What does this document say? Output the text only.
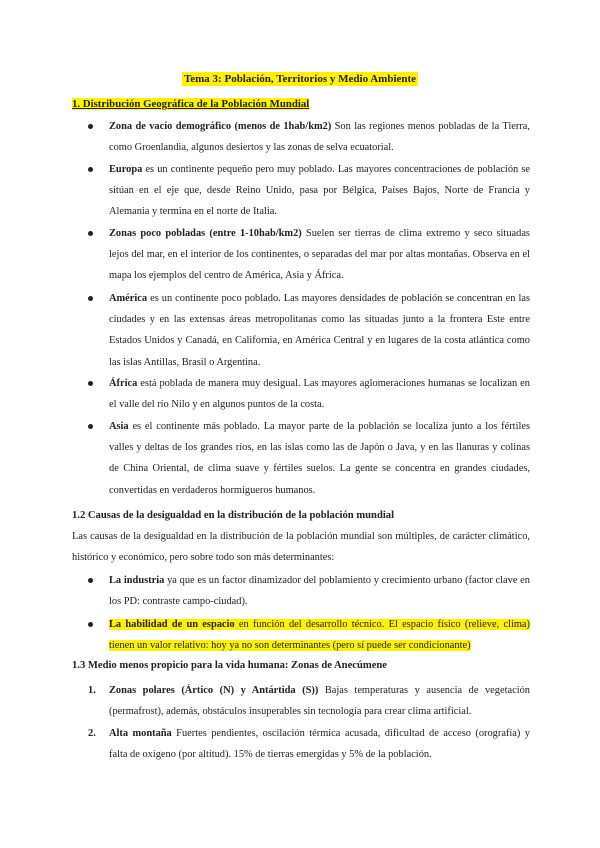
Tema 3: Población, Territorios y Medio Ambiente
1. Distribución Geográfica de la Población Mundial
Zona de vacío demográfico (menos de 1hab/km2) Son las regiones menos pobladas de la Tierra, como Groenlandia, algunos desiertos y las zonas de selva ecuatorial.
Europa es un continente pequeño pero muy poblado. Las mayores concentraciones de población se sitúan en el eje que, desde Reino Unido, pasa por Bélgica, Países Bajos, Norte de Francia y Alemania y termina en el norte de Italia.
Zonas poco pobladas (entre 1-10hab/km2) Suelen ser tierras de clima extremo y seco situadas lejos del mar, en el interior de los continentes, o separadas del mar por altas montañas. Observa en el mapa los ejemplos del centro de América, Asia y África.
América es un continente poco poblado. Las mayores densidades de población se concentran en las ciudades y en las extensas áreas metropolitanas como las situadas junto a la frontera Este entre Estados Unidos y Canadá, en California, en América Central y en lugares de la costa atlántica como las islas Antillas, Brasil o Argentina.
África está poblada de manera muy desigual. Las mayores aglomeraciones humanas se localizan en el valle del río Nilo y en algunos puntos de la costa.
Asia es el continente más poblado. La mayor parte de la población se localiza junto a los fértiles valles y deltas de los grandes ríos, en las islas como las de Japón o Java, y en las llanuras y colinas de China Oriental, de clima suave y fértiles suelos. La gente se concentra en grandes ciudades, convertidas en verdaderos hormigueros humanos.
1.2 Causas de la desigualdad en la distribución de la población mundial
Las causas de la desigualdad en la distribución de la población mundial son múltiples, de carácter climático, histórico y económico, pero sobre todo son más determinantes:
La industria ya que es un factor dinamizador del poblamiento y crecimiento urbano (factor clave en los PD: contraste campo-ciudad).
La habilidad de un espacio en función del desarrollo técnico. El espacio físico (relieve, clima) tienen un valor relativo: hoy ya no son determinantes (pero sí puede ser condicionante)
1.3 Medio menos propicio para la vida humana: Zonas de Anecúmene
1. Zonas polares (Ártico (N) y Antártida (S)) Bajas temperaturas y ausencia de vegetación (permafrost), además, obstáculos insuperables sin tecnología para crear clima artificial.
2. Alta montaña Fuertes pendientes, oscilación térmica acusada, dificultad de acceso (orografía) y falta de oxígeno (por altitud). 15% de tierras emergidas y 5% de la población.
